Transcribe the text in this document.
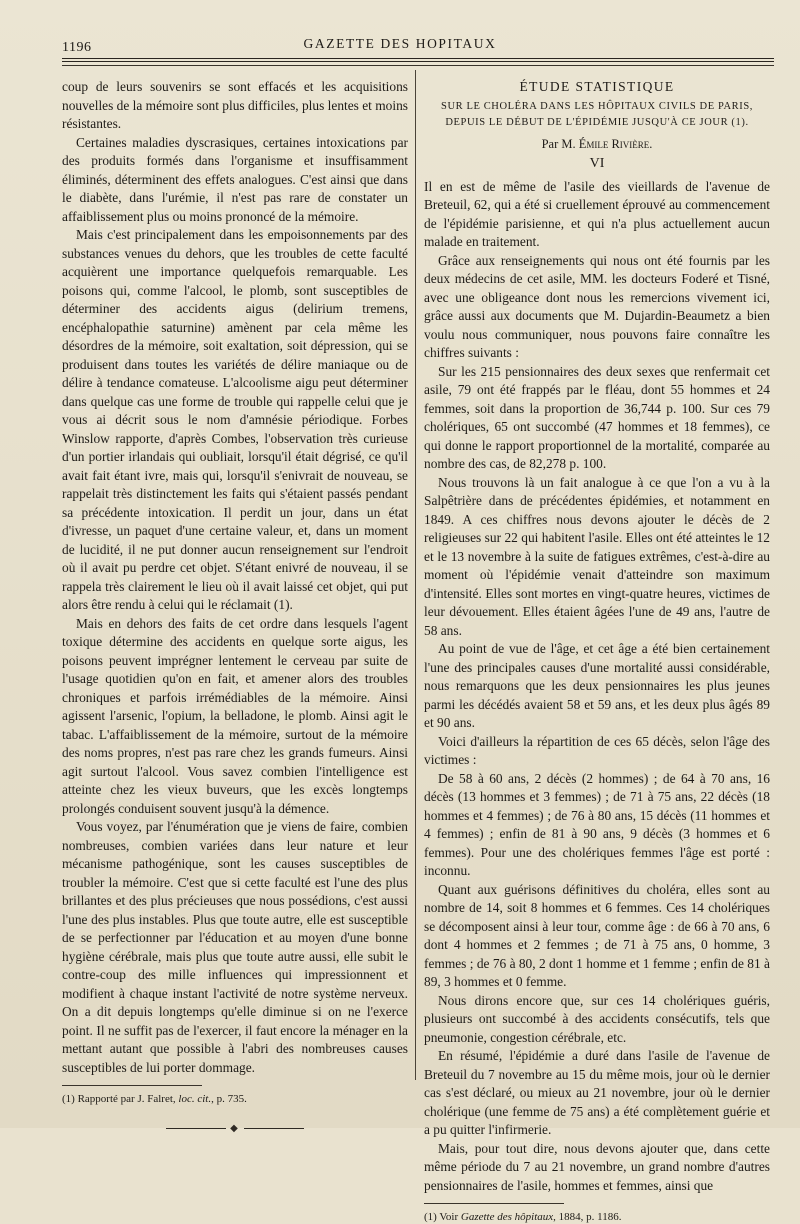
1196	GAZETTE DES HOPITAUX

coup de leurs souvenirs se sont effacés et les acquisitions nouvelles de la mémoire sont plus difficiles, plus lentes et moins résistantes.

Certaines maladies dyscrasiques, certaines intoxications par des produits formés dans l'organisme et insuffisamment éliminés, déterminent des effets analogues. C'est ainsi que dans le diabète, dans l'urémie, il n'est pas rare de constater un affaiblissement plus ou moins prononcé de la mémoire.

Mais c'est principalement dans les empoisonnements par des substances venues du dehors, que les troubles de cette faculté acquièrent une importance quelquefois remarquable. Les poisons qui, comme l'alcool, le plomb, sont susceptibles de déterminer des accidents aigus (delirium tremens, encéphalopathie saturnine) amènent par cela même les désordres de la mémoire, soit exaltation, soit dépression, qui se produisent dans toutes les variétés de délire maniaque ou de délire à tendance comateuse. L'alcoolisme aigu peut déterminer dans quelque cas une forme de trouble qui rappelle celui que je vous ai décrit sous le nom d'amnésie périodique. Forbes Winslow rapporte, d'après Combes, l'observation très curieuse d'un portier irlandais qui oubliait, lorsqu'il était dégrisé, ce qu'il avait fait étant ivre, mais qui, lorsqu'il s'enivrait de nouveau, se rappelait très distinctement les faits qui s'étaient passés pendant sa précédente intoxication. Il perdit un jour, dans un état d'ivresse, un paquet d'une certaine valeur, et, dans un moment de lucidité, il ne put donner aucun renseignement sur l'endroit où il avait pu perdre cet objet. S'étant enivré de nouveau, il se rappela très clairement le lieu où il avait laissé cet objet, qui put alors être rendu à celui qui le réclamait (1).

Mais en dehors des faits de cet ordre dans lesquels l'agent toxique détermine des accidents en quelque sorte aigus, les poisons peuvent imprégner lentement le cerveau par suite de l'usage quotidien qu'on en fait, et amener alors des troubles chroniques et parfois irrémédiables de la mémoire. Ainsi agissent l'arsenic, l'opium, la belladone, le plomb. Ainsi agit le tabac. L'affaiblissement de la mémoire, surtout de la mémoire des noms propres, n'est pas rare chez les grands fumeurs. Ainsi agit surtout l'alcool. Vous savez combien l'intelligence est atteinte chez les vieux buveurs, que les excès longtemps prolongés conduisent souvent jusqu'à la démence.

Vous voyez, par l'énumération que je viens de faire, combien nombreuses, combien variées dans leur nature et leur mécanisme pathogénique, sont les causes susceptibles de troubler la mémoire. C'est que si cette faculté est l'une des plus brillantes et des plus précieuses que nous possédions, c'est aussi l'une des plus instables. Plus que toute autre, elle est susceptible de se perfectionner par l'éducation et au moyen d'une bonne hygiène cérébrale, mais plus que toute autre aussi, elle subit le contre-coup des mille influences qui impressionnent et modifient à chaque instant l'activité de notre système nerveux. On a dit depuis longtemps qu'elle diminue si on ne l'exerce point. Il ne suffit pas de l'exercer, il faut encore la ménager en la mettant autant que possible à l'abri des nombreuses causes susceptibles de lui porter dommage.

(1) Rapporté par J. Falret, loc. cit., p. 735.

◆
ÉTUDE STATISTIQUE
SUR LE CHOLÉRA DANS LES HÔPITAUX CIVILS DE PARIS, DEPUIS LE DÉBUT DE L'ÉPIDÉMIE JUSQU'À CE JOUR (1).
Par M. Émile Rivière.
VI

Il en est de même de l'asile des vieillards de l'avenue de Breteuil, 62, qui a été si cruellement éprouvé au commencement de l'épidémie parisienne, et qui n'a plus actuellement aucun malade en traitement.

Grâce aux renseignements qui nous ont été fournis par les deux médecins de cet asile, MM. les docteurs Foderé et Tisné, avec une obligeance dont nous les remercions vivement ici, grâce aussi aux documents que M. Dujardin-Beaumetz a bien voulu nous communiquer, nous pouvons faire connaître les chiffres suivants :

Sur les 215 pensionnaires des deux sexes que renfermait cet asile, 79 ont été frappés par le fléau, dont 55 hommes et 24 femmes, soit dans la proportion de 36,744 p. 100. Sur ces 79 cholériques, 65 ont succombé (47 hommes et 18 femmes), ce qui donne le rapport proportionnel de la mortalité, comparée au nombre des cas, de 82,278 p. 100.

Nous trouvons là un fait analogue à ce que l'on a vu à la Salpêtrière dans de précédentes épidémies, et notamment en 1849. A ces chiffres nous devons ajouter le décès de 2 religieuses sur 22 qui habitent l'asile. Elles ont été atteintes le 12 et le 13 novembre à la suite de fatigues extrêmes, c'est-à-dire au moment où l'épidémie venait d'atteindre son maximum d'intensité. Elles sont mortes en vingt-quatre heures, victimes de leur dévouement. Elles étaient âgées l'une de 49 ans, l'autre de 58 ans.

Au point de vue de l'âge, et cet âge a été bien certainement l'une des principales causes d'une mortalité aussi considérable, nous remarquons que les deux pensionnaires les plus jeunes parmi les décédés avaient 58 et 59 ans, et les deux plus âgés 89 et 90 ans.

Voici d'ailleurs la répartition de ces 65 décès, selon l'âge des victimes :

De 58 à 60 ans, 2 décès (2 hommes) ; de 64 à 70 ans, 16 décès (13 hommes et 3 femmes) ; de 71 à 75 ans, 22 décès (18 hommes et 4 femmes) ; de 76 à 80 ans, 15 décès (11 hommes et 4 femmes) ; enfin de 81 à 90 ans, 9 décès (3 hommes et 6 femmes). Pour une des cholériques femmes l'âge est porté : inconnu.

Quant aux guérisons définitives du choléra, elles sont au nombre de 14, soit 8 hommes et 6 femmes. Ces 14 cholériques se décomposent ainsi à leur tour, comme âge : de 66 à 70 ans, 6 dont 4 hommes et 2 femmes ; de 71 à 75 ans, 0 homme, 3 femmes ; de 76 à 80, 2 dont 1 homme et 1 femme ; enfin de 81 à 89, 3 hommes et 0 femme.

Nous dirons encore que, sur ces 14 cholériques guéris, plusieurs ont succombé à des accidents consécutifs, tels que pneumonie, congestion cérébrale, etc.

En résumé, l'épidémie a duré dans l'asile de l'avenue de Breteuil du 7 novembre au 15 du même mois, jour où le dernier cas s'est déclaré, ou mieux au 21 novembre, jour où le dernier cholérique (une femme de 75 ans) a été complètement guérie et a pu quitter l'infirmerie.

Mais, pour tout dire, nous devons ajouter que, dans cette même période du 7 au 21 novembre, un grand nombre d'autres pensionnaires de l'asile, hommes et femmes, ainsi que

(1) Voir Gazette des hôpitaux, 1884, p. 1186.
